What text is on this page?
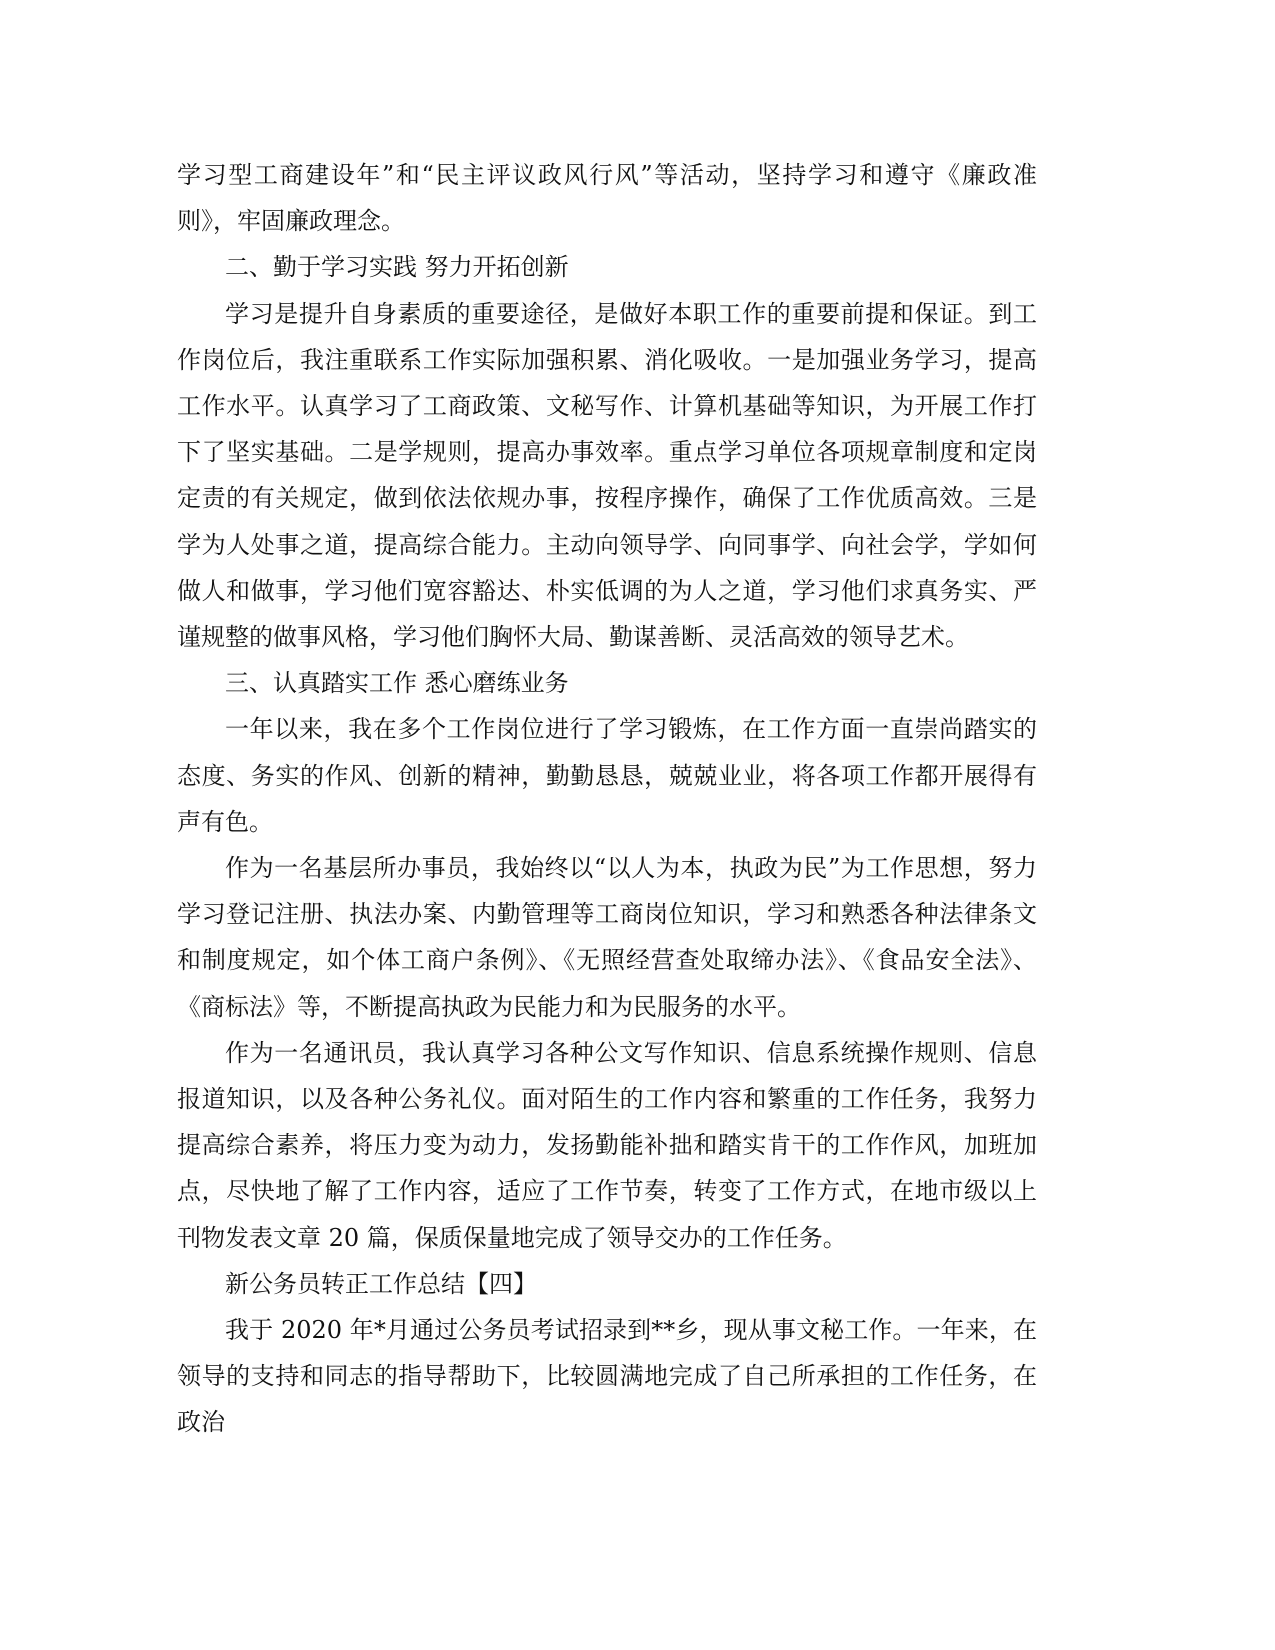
学习型工商建设年”和“民主评议政风行风”等活动，坚持学习和遵守《廉政准则》，牢固廉政理念。

二、勤于学习实践 努力开拓创新

学习是提升自身素质的重要途径，是做好本职工作的重要前提和保证。到工作岗位后，我注重联系工作实际加强积累、消化吸收。一是加强业务学习，提高工作水平。认真学习了工商政策、文秘写作、计算机基础等知识，为开展工作打下了坚实基础。二是学规则，提高办事效率。重点学习单位各项规章制度和定岗定责的有关规定，做到依法依规办事，按程序操作，确保了工作优质高效。三是学为人处事之道，提高综合能力。主动向领导学、向同事学、向社会学，学如何做人和做事，学习他们宽容豁达、朴实低调的为人之道，学习他们求真务实、严谨规整的做事风格，学习他们胸怀大局、勤谋善断、灵活高效的领导艺术。

三、认真踏实工作 悉心磨练业务

一年以来，我在多个工作岗位进行了学习锻炼，在工作方面一直崇尚踏实的态度、务实的作风、创新的精神，勤勤恳恳，兢兢业业，将各项工作都开展得有声有色。

作为一名基层所办事员，我始终以“以人为本，执政为民”为工作思想，努力学习登记注册、执法办案、内勤管理等工商岗位知识，学习和熟悉各种法律条文和制度规定，如个体工商户条例》、《无照经营查处取缔办法》、《食品安全法》、《商标法》等，不断提高执政为民能力和为民服务的水平。

作为一名通讯员，我认真学习各种公文写作知识、信息系统操作规则、信息报道知识，以及各种公务礼仪。面对陌生的工作内容和繁重的工作任务，我努力提高综合素养，将压力变为动力，发扬勤能补拙和踏实肯干的工作作风，加班加点，尽快地了解了工作内容，适应了工作节奏，转变了工作方式，在地市级以上刊物发表文章 20 篇，保质保量地完成了领导交办的工作任务。

新公务员转正工作总结【四】

我于 2020 年*月通过公务员考试招录到**乡，现从事文秘工作。一年来，在领导的支持和同志的指导帮助下，比较圆满地完成了自己所承担的工作任务，在政治
